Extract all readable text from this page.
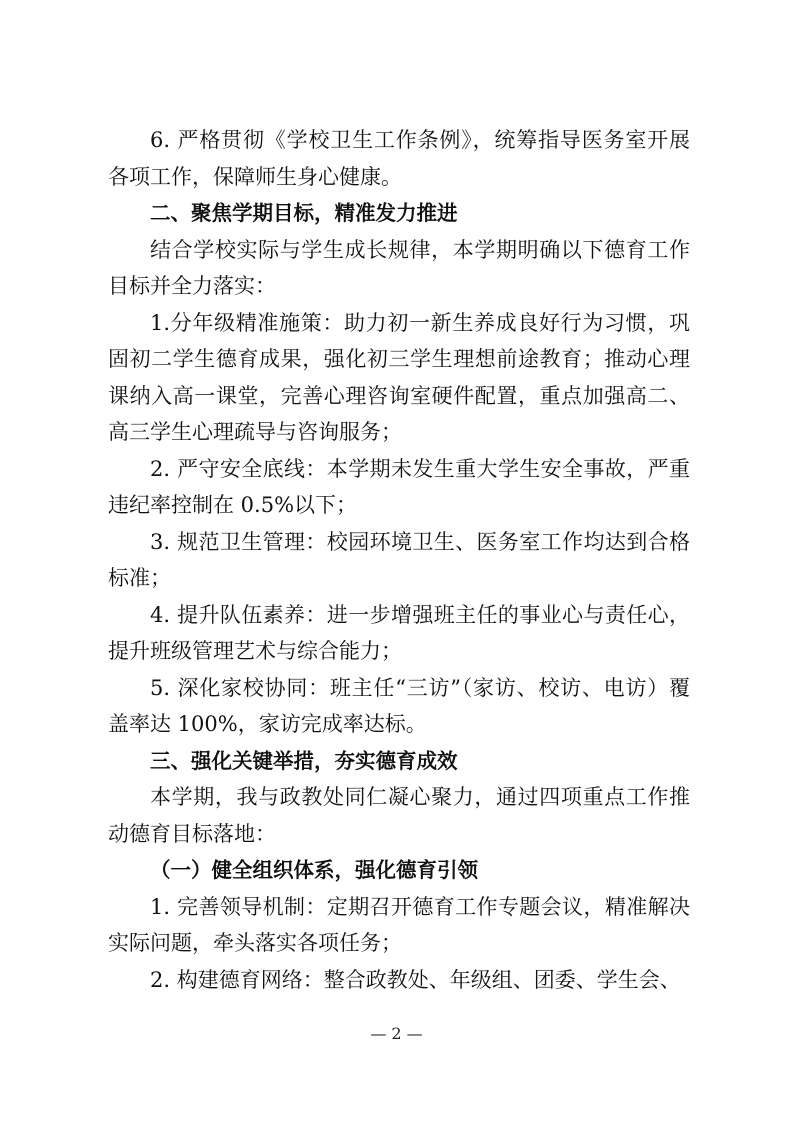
6. 严格贯彻《学校卫生工作条例》，统筹指导医务室开展各项工作，保障师生身心健康。

二、聚焦学期目标，精准发力推进

结合学校实际与学生成长规律，本学期明确以下德育工作目标并全力落实：

1.分年级精准施策：助力初一新生养成良好行为习惯，巩固初二学生德育成果，强化初三学生理想前途教育；推动心理课纳入高一课堂，完善心理咨询室硬件配置，重点加强高二、高三学生心理疏导与咨询服务；

2. 严守安全底线：本学期未发生重大学生安全事故，严重违纪率控制在 0.5%以下；

3. 规范卫生管理：校园环境卫生、医务室工作均达到合格标准；

4. 提升队伍素养：进一步增强班主任的事业心与责任心，提升班级管理艺术与综合能力；

5. 深化家校协同：班主任“三访”（家访、校访、电访）覆盖率达 100%，家访完成率达标。

三、强化关键举措，夯实德育成效

本学期，我与政教处同仁凝心聚力，通过四项重点工作推动德育目标落地：

（一）健全组织体系，强化德育引领

1. 完善领导机制：定期召开德育工作专题会议，精准解决实际问题，牵头落实各项任务；

2. 构建德育网络：整合政教处、年级组、团委、学生会、

— 2 —
